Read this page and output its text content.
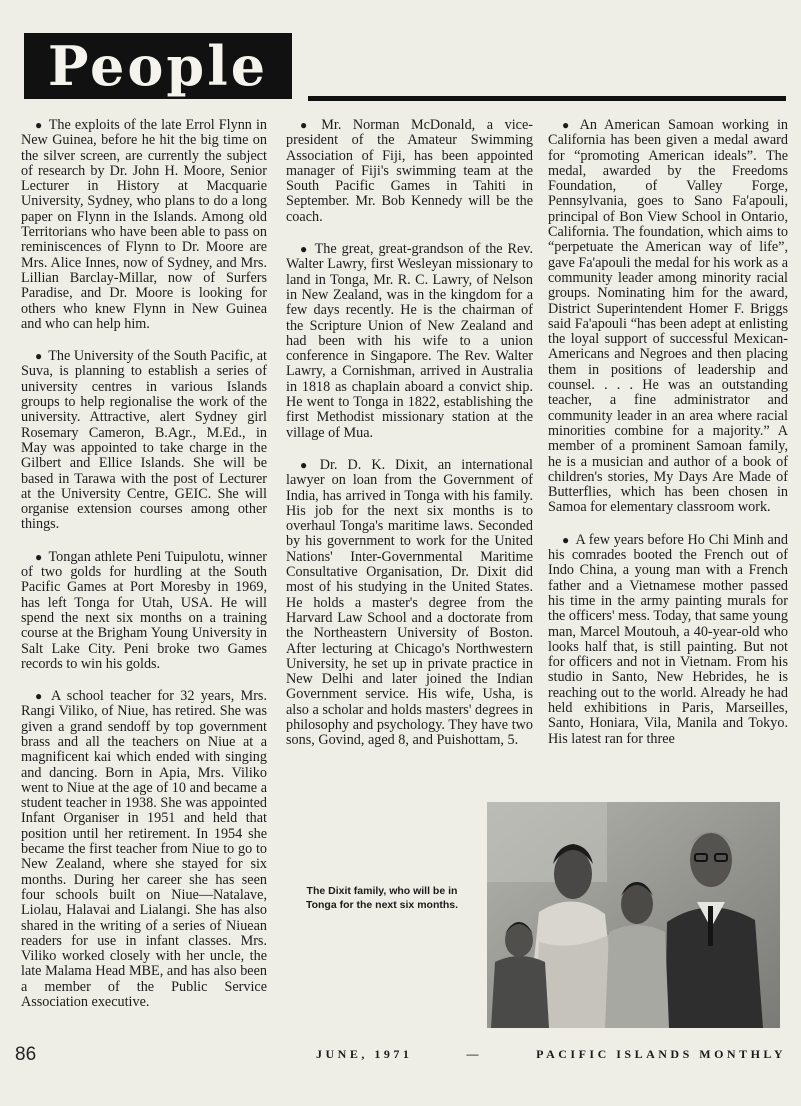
People

● The exploits of the late Errol Flynn in New Guinea, before he hit the big time on the silver screen, are currently the subject of research by Dr. John H. Moore, Senior Lecturer in History at Macquarie University, Sydney, who plans to do a long paper on Flynn in the Islands. Among old Territorians who have been able to pass on reminiscences of Flynn to Dr. Moore are Mrs. Alice Innes, now of Sydney, and Mrs. Lillian Barclay-Millar, now of Surfers Paradise, and Dr. Moore is looking for others who knew Flynn in New Guinea and who can help him.

● The University of the South Pacific, at Suva, is planning to establish a series of university centres in various Islands groups to help regionalise the work of the university. Attractive, alert Sydney girl Rosemary Cameron, B.Agr., M.Ed., in May was appointed to take charge in the Gilbert and Ellice Islands. She will be based in Tarawa with the post of Lecturer at the University Centre, GEIC. She will organise extension courses among other things.

● Tongan athlete Peni Tuipulotu, winner of two golds for hurdling at the South Pacific Games at Port Moresby in 1969, has left Tonga for Utah, USA. He will spend the next six months on a training course at the Brigham Young University in Salt Lake City. Peni broke two Games records to win his golds.

● A school teacher for 32 years, Mrs. Rangi Viliko, of Niue, has retired. She was given a grand sendoff by top government brass and all the teachers on Niue at a magnificent kai which ended with singing and dancing. Born in Apia, Mrs. Viliko went to Niue at the age of 10 and became a student teacher in 1938. She was appointed Infant Organiser in 1951 and held that position until her retirement. In 1954 she became the first teacher from Niue to go to New Zealand, where she stayed for six months. During her career she has seen four schools built on Niue—Natalave, Liolau, Halavai and Lialangi. She has also shared in the writing of a series of Niuean readers for use in infant classes. Mrs. Viliko worked closely with her uncle, the late Malama Head MBE, and has also been a member of the Public Service Association executive.

● Mr. Norman McDonald, a vice-president of the Amateur Swimming Association of Fiji, has been appointed manager of Fiji's swimming team at the South Pacific Games in Tahiti in September. Mr. Bob Kennedy will be the coach.

● The great, great-grandson of the Rev. Walter Lawry, first Wesleyan missionary to land in Tonga, Mr. R. C. Lawry, of Nelson in New Zealand, was in the kingdom for a few days recently. He is the chairman of the Scripture Union of New Zealand and had been with his wife to a union conference in Singapore. The Rev. Walter Lawry, a Cornishman, arrived in Australia in 1818 as chaplain aboard a convict ship. He went to Tonga in 1822, establishing the first Methodist missionary station at the village of Mua.

● Dr. D. K. Dixit, an international lawyer on loan from the Government of India, has arrived in Tonga with his family. His job for the next six months is to overhaul Tonga's maritime laws. Seconded by his government to work for the United Nations' Inter-Governmental Maritime Consultative Organisation, Dr. Dixit did most of his studying in the United States. He holds a master's degree from the Harvard Law School and a doctorate from the Northeastern University of Boston. After lecturing at Chicago's Northwestern University, he set up in private practice in New Delhi and later joined the Indian Government service. His wife, Usha, is also a scholar and holds masters' degrees in philosophy and psychology. They have two sons, Govind, aged 8, and Puishottam, 5.

● An American Samoan working in California has been given a medal award for “promoting American ideals”. The medal, awarded by the Freedoms Foundation, of Valley Forge, Pennsylvania, goes to Sano Fa'apouli, principal of Bon View School in Ontario, California. The foundation, which aims to “perpetuate the American way of life”, gave Fa'apouli the medal for his work as a community leader among minority racial groups. Nominating him for the award, District Superintendent Homer F. Briggs said Fa'apouli “has been adept at enlisting the loyal support of successful Mexican-Americans and Negroes and then placing them in positions of leadership and counsel. . . . He was an outstanding teacher, a fine administrator and community leader in an area where racial minorities combine for a majority.” A member of a prominent Samoan family, he is a musician and author of a book of children's stories, My Days Are Made of Butterflies, which has been chosen in Samoa for elementary classroom work.

● A few years before Ho Chi Minh and his comrades booted the French out of Indo China, a young man with a French father and a Vietnamese mother passed his time in the army painting murals for the officers' mess. Today, that same young man, Marcel Moutouh, a 40-year-old who looks half that, is still painting. But not for officers and not in Vietnam. From his studio in Santo, New Hebrides, he is reaching out to the world. Already he had held exhibitions in Paris, Marseilles, Santo, Honiara, Vila, Manila and Tokyo. His latest ran for three

The Dixit family, who will be in Tonga for the next six months.
86	JUNE, 1971	—	PACIFIC ISLANDS MONTHLY
